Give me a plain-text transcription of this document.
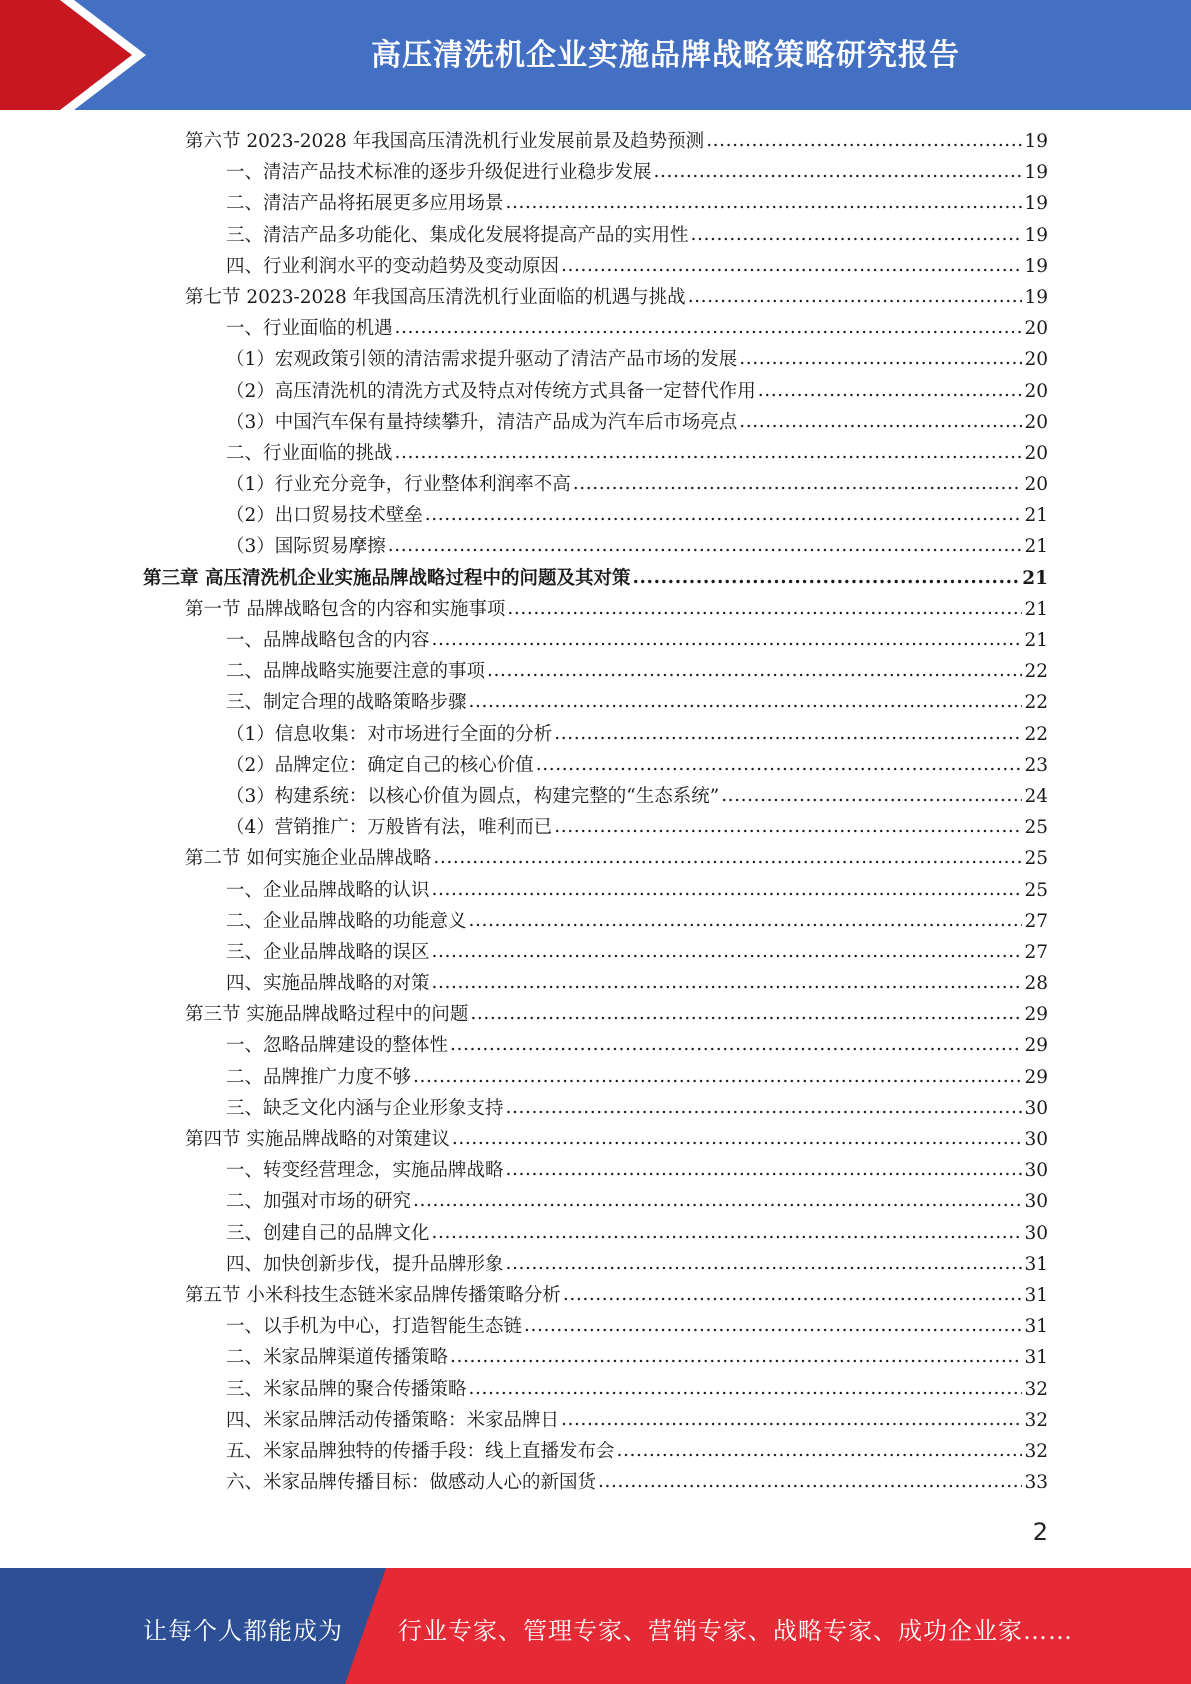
高压清洗机企业实施品牌战略策略研究报告
第六节 2023-2028 年我国高压清洗机行业发展前景及趋势预测 .....	19
一、清洁产品技术标准的逐步升级促进行业稳步发展 .....	19
二、清洁产品将拓展更多应用场景 .....	19
三、清洁产品多功能化、集成化发展将提高产品的实用性 .....	19
四、行业利润水平的变动趋势及变动原因 .....	19
第七节 2023-2028 年我国高压清洗机行业面临的机遇与挑战 .....	19
一、行业面临的机遇 .....	20
（1）宏观政策引领的清洁需求提升驱动了清洁产品市场的发展 .....	20
（2）高压清洗机的清洗方式及特点对传统方式具备一定替代作用 .....	20
（3）中国汽车保有量持续攀升，清洁产品成为汽车后市场亮点 .....	20
二、行业面临的挑战 .....	20
（1）行业充分竞争，行业整体利润率不高 .....	20
（2）出口贸易技术壁垒 .....	21
（3）国际贸易摩擦 .....	21
第三章 高压清洗机企业实施品牌战略过程中的问题及其对策 .....	21
第一节 品牌战略包含的内容和实施事项 .....	21
一、品牌战略包含的内容 .....	21
二、品牌战略实施要注意的事项 .....	22
三、制定合理的战略策略步骤 .....	22
（1）信息收集：对市场进行全面的分析 .....	22
（2）品牌定位：确定自己的核心价值 .....	23
（3）构建系统：以核心价值为圆点，构建完整的“生态系统” .....	24
（4）营销推广：万般皆有法，唯利而已 .....	25
第二节 如何实施企业品牌战略 .....	25
一、企业品牌战略的认识 .....	25
二、企业品牌战略的功能意义 .....	27
三、企业品牌战略的误区 .....	27
四、实施品牌战略的对策 .....	28
第三节 实施品牌战略过程中的问题 .....	29
一、忽略品牌建设的整体性 .....	29
二、品牌推广力度不够 .....	29
三、缺乏文化内涵与企业形象支持 .....	30
第四节 实施品牌战略的对策建议 .....	30
一、转变经营理念，实施品牌战略 .....	30
二、加强对市场的研究 .....	30
三、创建自己的品牌文化 .....	30
四、加快创新步伐，提升品牌形象 .....	31
第五节 小米科技生态链米家品牌传播策略分析 .....	31
一、以手机为中心，打造智能生态链 .....	31
二、米家品牌渠道传播策略 .....	31
三、米家品牌的聚合传播策略 .....	32
四、米家品牌活动传播策略：米家品牌日 .....	32
五、米家品牌独特的传播手段：线上直播发布会 .....	32
六、米家品牌传播目标：做感动人心的新国货 .....	33
2
让每个人都能成为 行业专家、管理专家、营销专家、战略专家、成功企业家……
